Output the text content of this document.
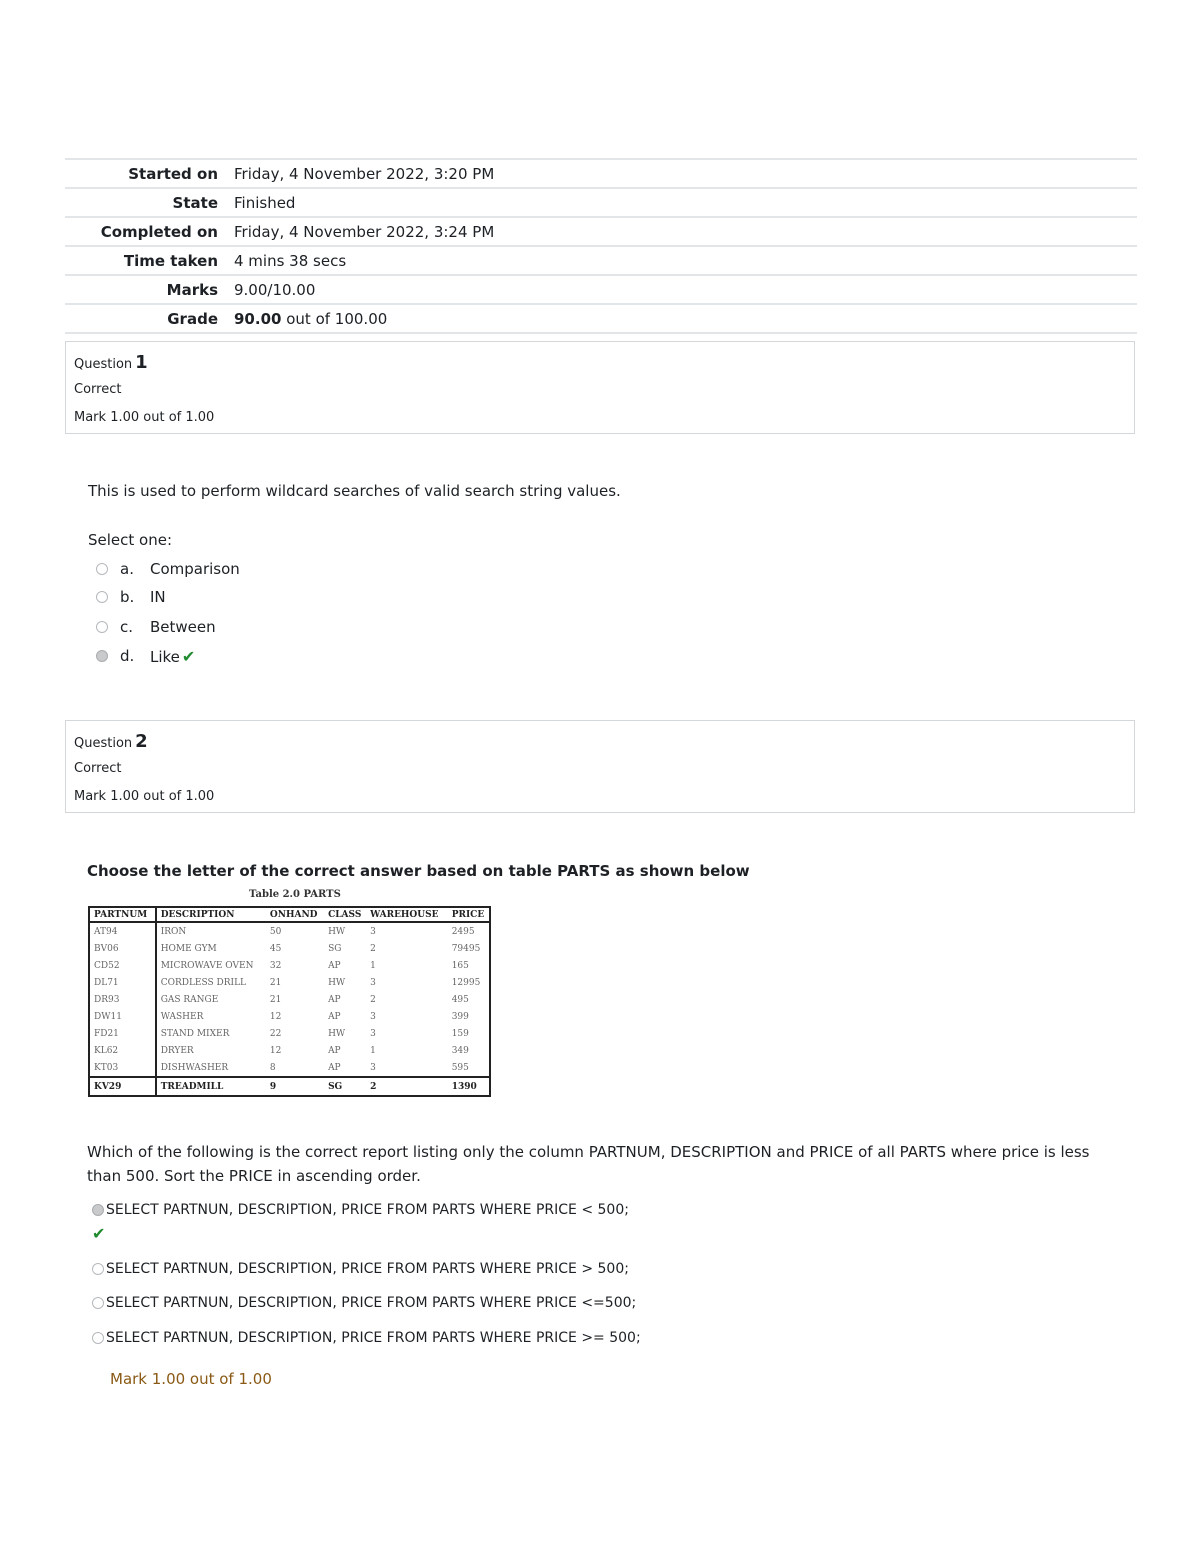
Started on	Friday, 4 November 2022, 3:20 PM
State	Finished
Completed on	Friday, 4 November 2022, 3:24 PM
Time taken	4 mins 38 secs
Marks	9.00/10.00
Grade	90.00 out of 100.00
Question 1
Correct
Mark 1.00 out of 1.00
This is used to perform wildcard searches of valid search string values.
Select one:
a. Comparison
b. IN
c. Between
d. Like ✔
Question 2
Correct
Mark 1.00 out of 1.00
Choose the letter of the correct answer based on table PARTS as shown below
Table 2.0 PARTS
PARTNUM	DESCRIPTION	ONHAND	CLASS	WAREHOUSE	PRICE
AT94	IRON	50	HW	3	2495
BV06	HOME GYM	45	SG	2	79495
CD52	MICROWAVE OVEN	32	AP	1	165
DL71	CORDLESS DRILL	21	HW	3	12995
DR93	GAS RANGE	21	AP	2	495
DW11	WASHER	12	AP	3	399
FD21	STAND MIXER	22	HW	3	159
KL62	DRYER	12	AP	1	349
KT03	DISHWASHER	8	AP	3	595
KV29	TREADMILL	9	SG	2	1390
Which of the following is the correct report listing only the column PARTNUM, DESCRIPTION and PRICE of all PARTS where price is less than 500. Sort the PRICE in ascending order.
SELECT PARTNUN, DESCRIPTION, PRICE FROM PARTS WHERE PRICE < 500;
✔
SELECT PARTNUN, DESCRIPTION, PRICE FROM PARTS WHERE PRICE > 500;
SELECT PARTNUN, DESCRIPTION, PRICE FROM PARTS WHERE PRICE <=500;
SELECT PARTNUN, DESCRIPTION, PRICE FROM PARTS WHERE PRICE >= 500;
Mark 1.00 out of 1.00
